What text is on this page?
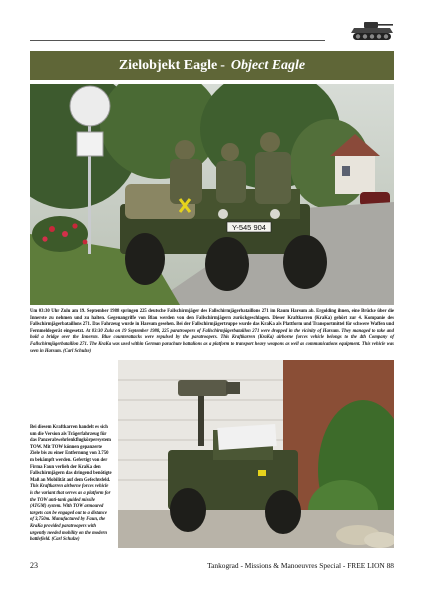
Zielobjekt Eagle - Object Eagle
Y-545 904
Um 03:30 Uhr Zulu am 19. September 1988 springen 225 deutsche Fallschirmjäger des Fallschirmjägerbataillons 271 im Raum Harsum ab. Ergolding ihnen, eine Brücke über die Innerste zu nehmen und zu halten. Gegenangriffe von Blau werden von den Fallschirmjägern zurückgeschlagen. Dieser Kraftkarren (KraKa) gehört zur 4. Kompanie des Fallschirmjägerbataillons 271. Das Fahrzeug wurde in Harsum gesehen. Bei der Fallschirmjägertruppe wurde das KraKa als Plattform und Transportmittel für schwere Waffen und Fernmeldegerät eingesetzt. At 03:30 Zulu on 19 September 1988, 225 paratroopers of Fallschirmjägerbataillon 271 were dropped in the vicinity of Harsum. They managed to take and hold a bridge over the Innerste. Blue counterattacks were repulsed by the paratroopers. This Kraftkarren (KraKa) airborne forces vehicle belongs to the 4th Company of Fallschirmjägerbataillon 271. The KraKa was used within German parachute battalions as a platform to transport heavy weapons as well as communications equipment. This vehicle was seen in Harsum. (Carl Schulze)
Bei diesem Kraftkarren handelt es sich um die Version als Trägerfahrzeug für das Panzerabwehrlenkflugkörpersystem TOW. Mit TOW können gepanzerte Ziele bis zu einer Entfernung von 3.750 m bekämpft werden. Gefertigt von der Firma Faun verlieh der KraKa den Fallschirmjägern das dringend benötigte Maß an Mobilität auf dem Gefechtsfeld. This Kraftkarren airborne forces vehicle is the variant that serves as a platform for the TOW anti-tank guided missile (ATGM) system. With TOW armoured targets can be engaged out to a distance of 3,750m. Manufactured by Faun, the KraKa provided paratroopers with urgently needed mobility on the modern battlefield. (Carl Schulze)
23	Tankograd - Missions & Manoeuvres Special - FREE LION 88
